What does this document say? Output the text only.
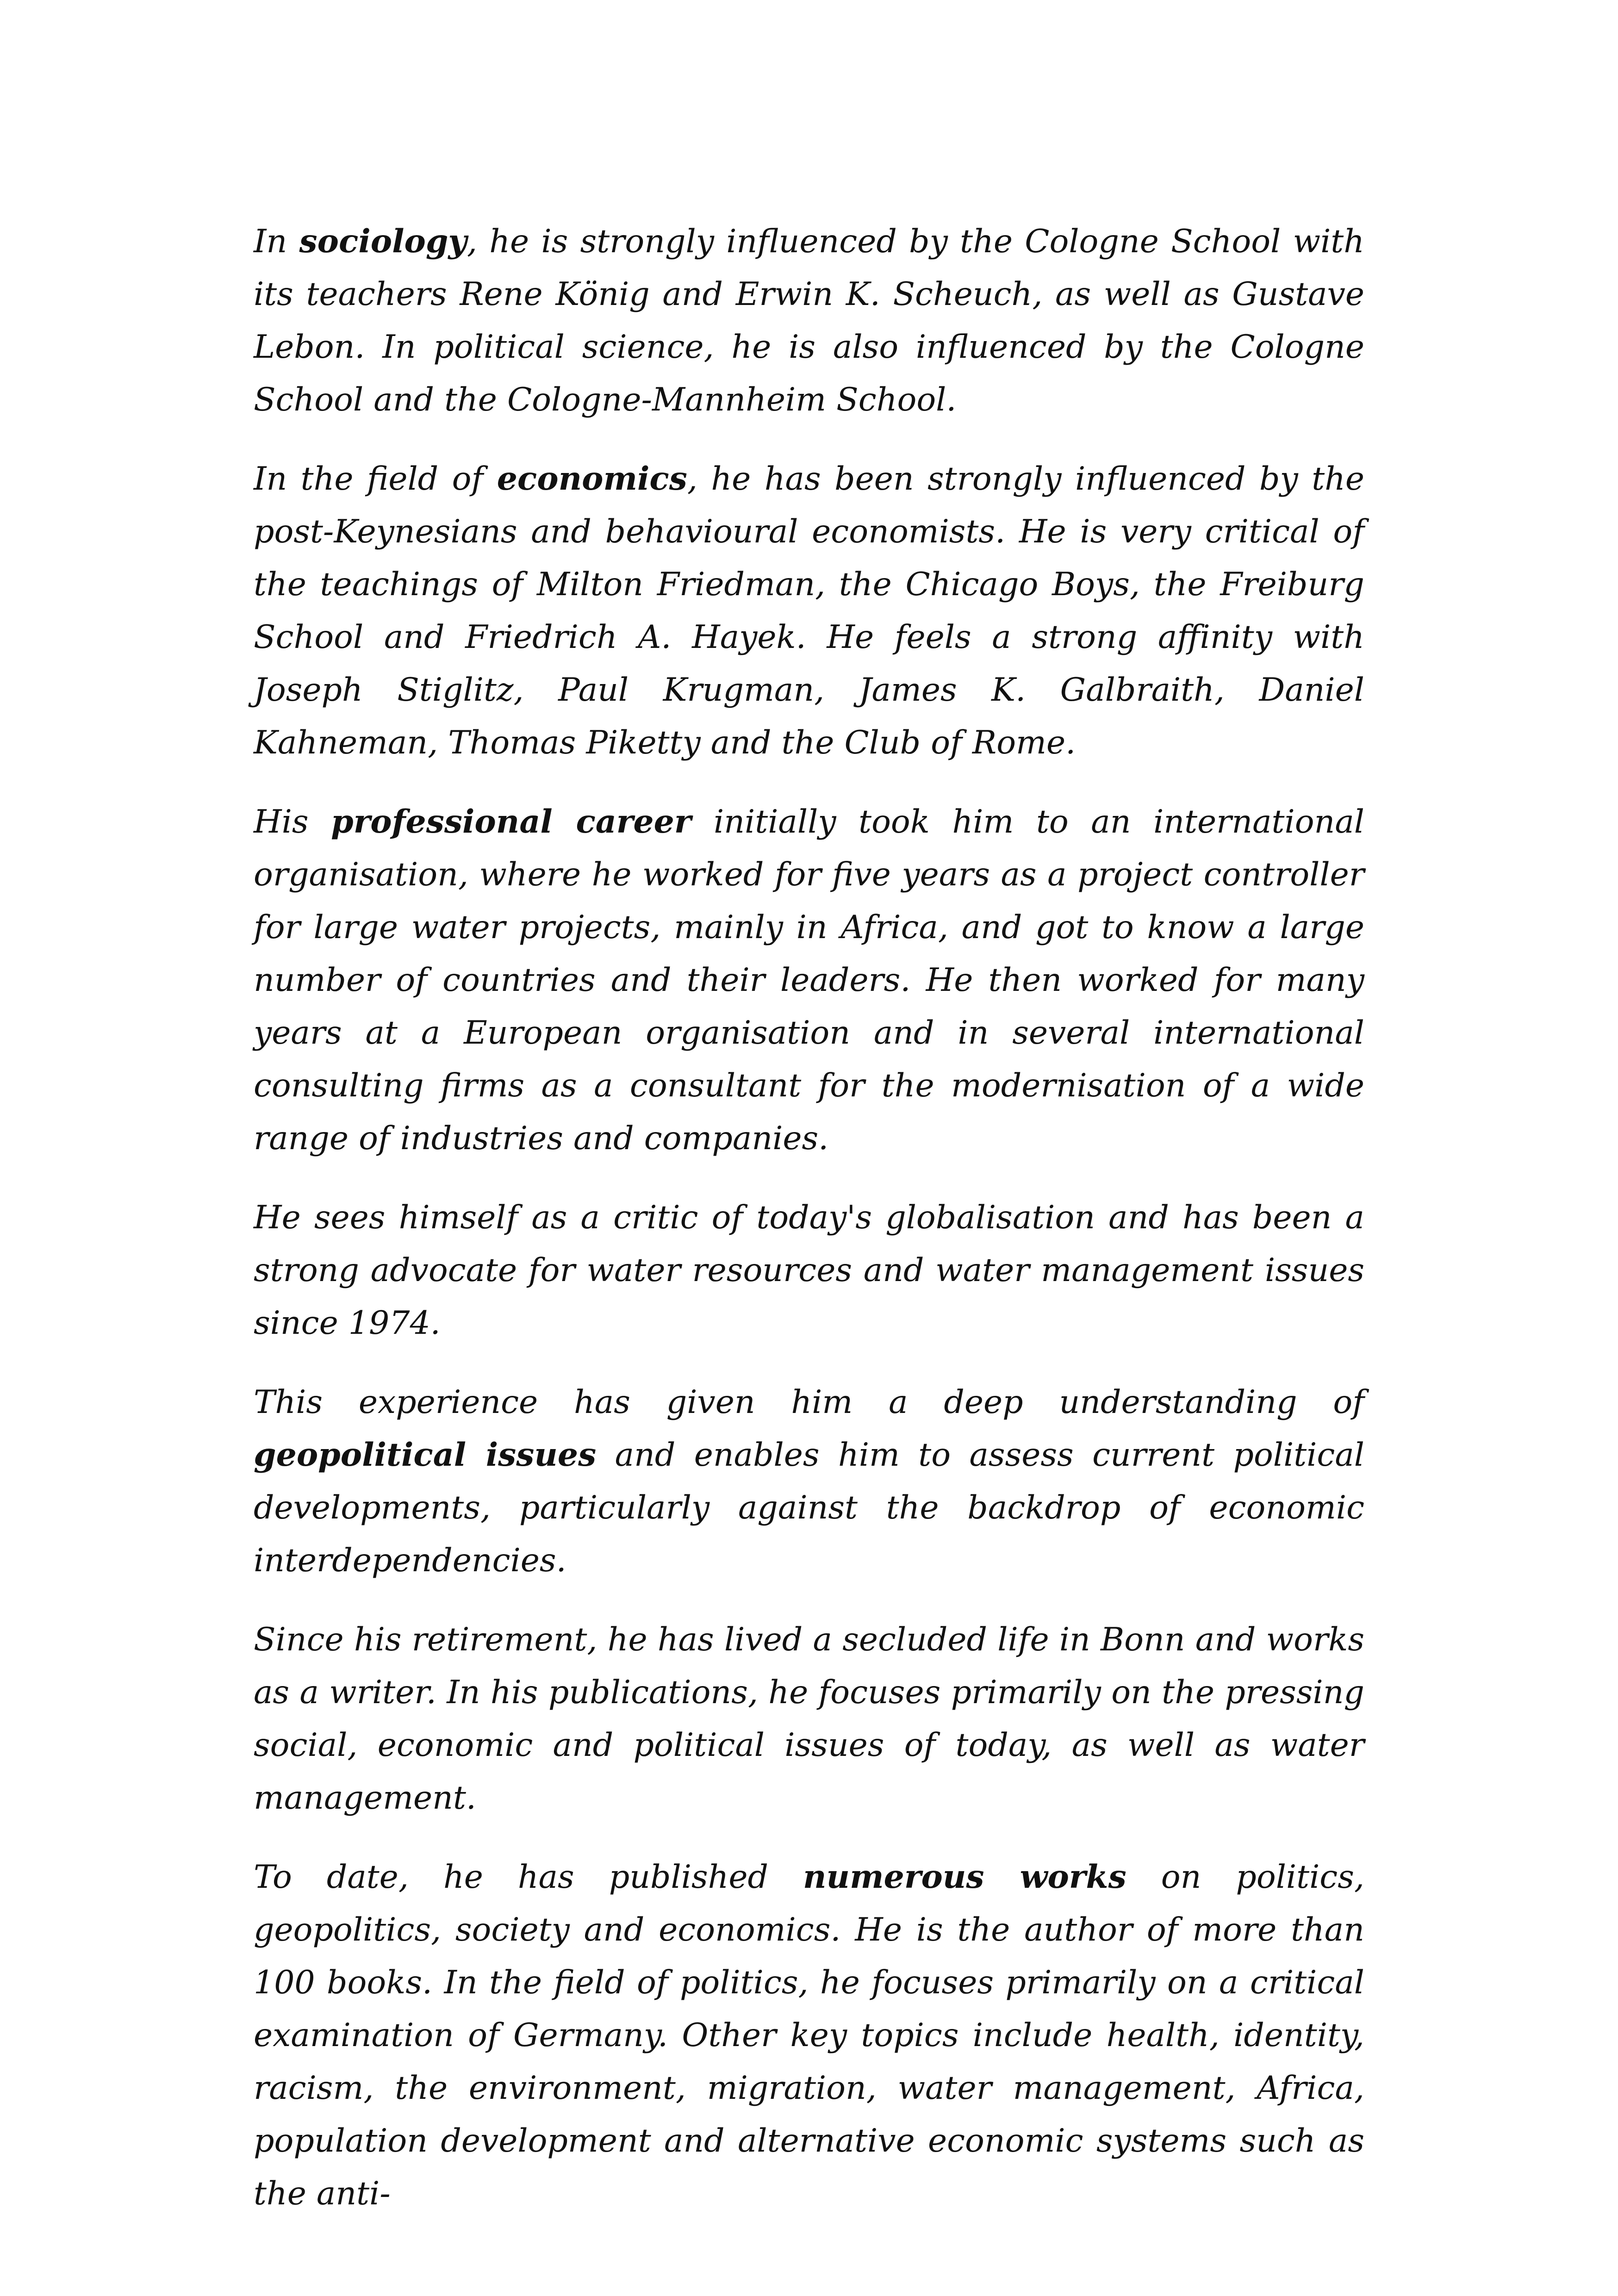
In sociology, he is strongly influenced by the Cologne School with its teachers Rene König and Erwin K. Scheuch, as well as Gustave Lebon. In political science, he is also influenced by the Cologne School and the Cologne-Mannheim School.

In the field of economics, he has been strongly influenced by the post-Keynesians and behavioural economists. He is very critical of the teachings of Milton Friedman, the Chicago Boys, the Freiburg School and Friedrich A. Hayek. He feels a strong affinity with Joseph Stiglitz, Paul Krugman, James K. Galbraith, Daniel Kahneman, Thomas Piketty and the Club of Rome.

His professional career initially took him to an international organisation, where he worked for five years as a project controller for large water projects, mainly in Africa, and got to know a large number of countries and their leaders. He then worked for many years at a European organisation and in several international consulting firms as a consultant for the modernisation of a wide range of industries and companies.

He sees himself as a critic of today's globalisation and has been a strong advocate for water resources and water management issues since 1974.

This experience has given him a deep understanding of geopolitical issues and enables him to assess current political developments, particularly against the backdrop of economic interdependencies.

Since his retirement, he has lived a secluded life in Bonn and works as a writer. In his publications, he focuses primarily on the pressing social, economic and political issues of today, as well as water management.

To date, he has published numerous works on politics, geopolitics, society and economics. He is the author of more than 100 books. In the field of politics, he focuses primarily on a critical examination of Germany. Other key topics include health, identity, racism, the environment, migration, water management, Africa, population development and alternative economic systems such as the anti-
